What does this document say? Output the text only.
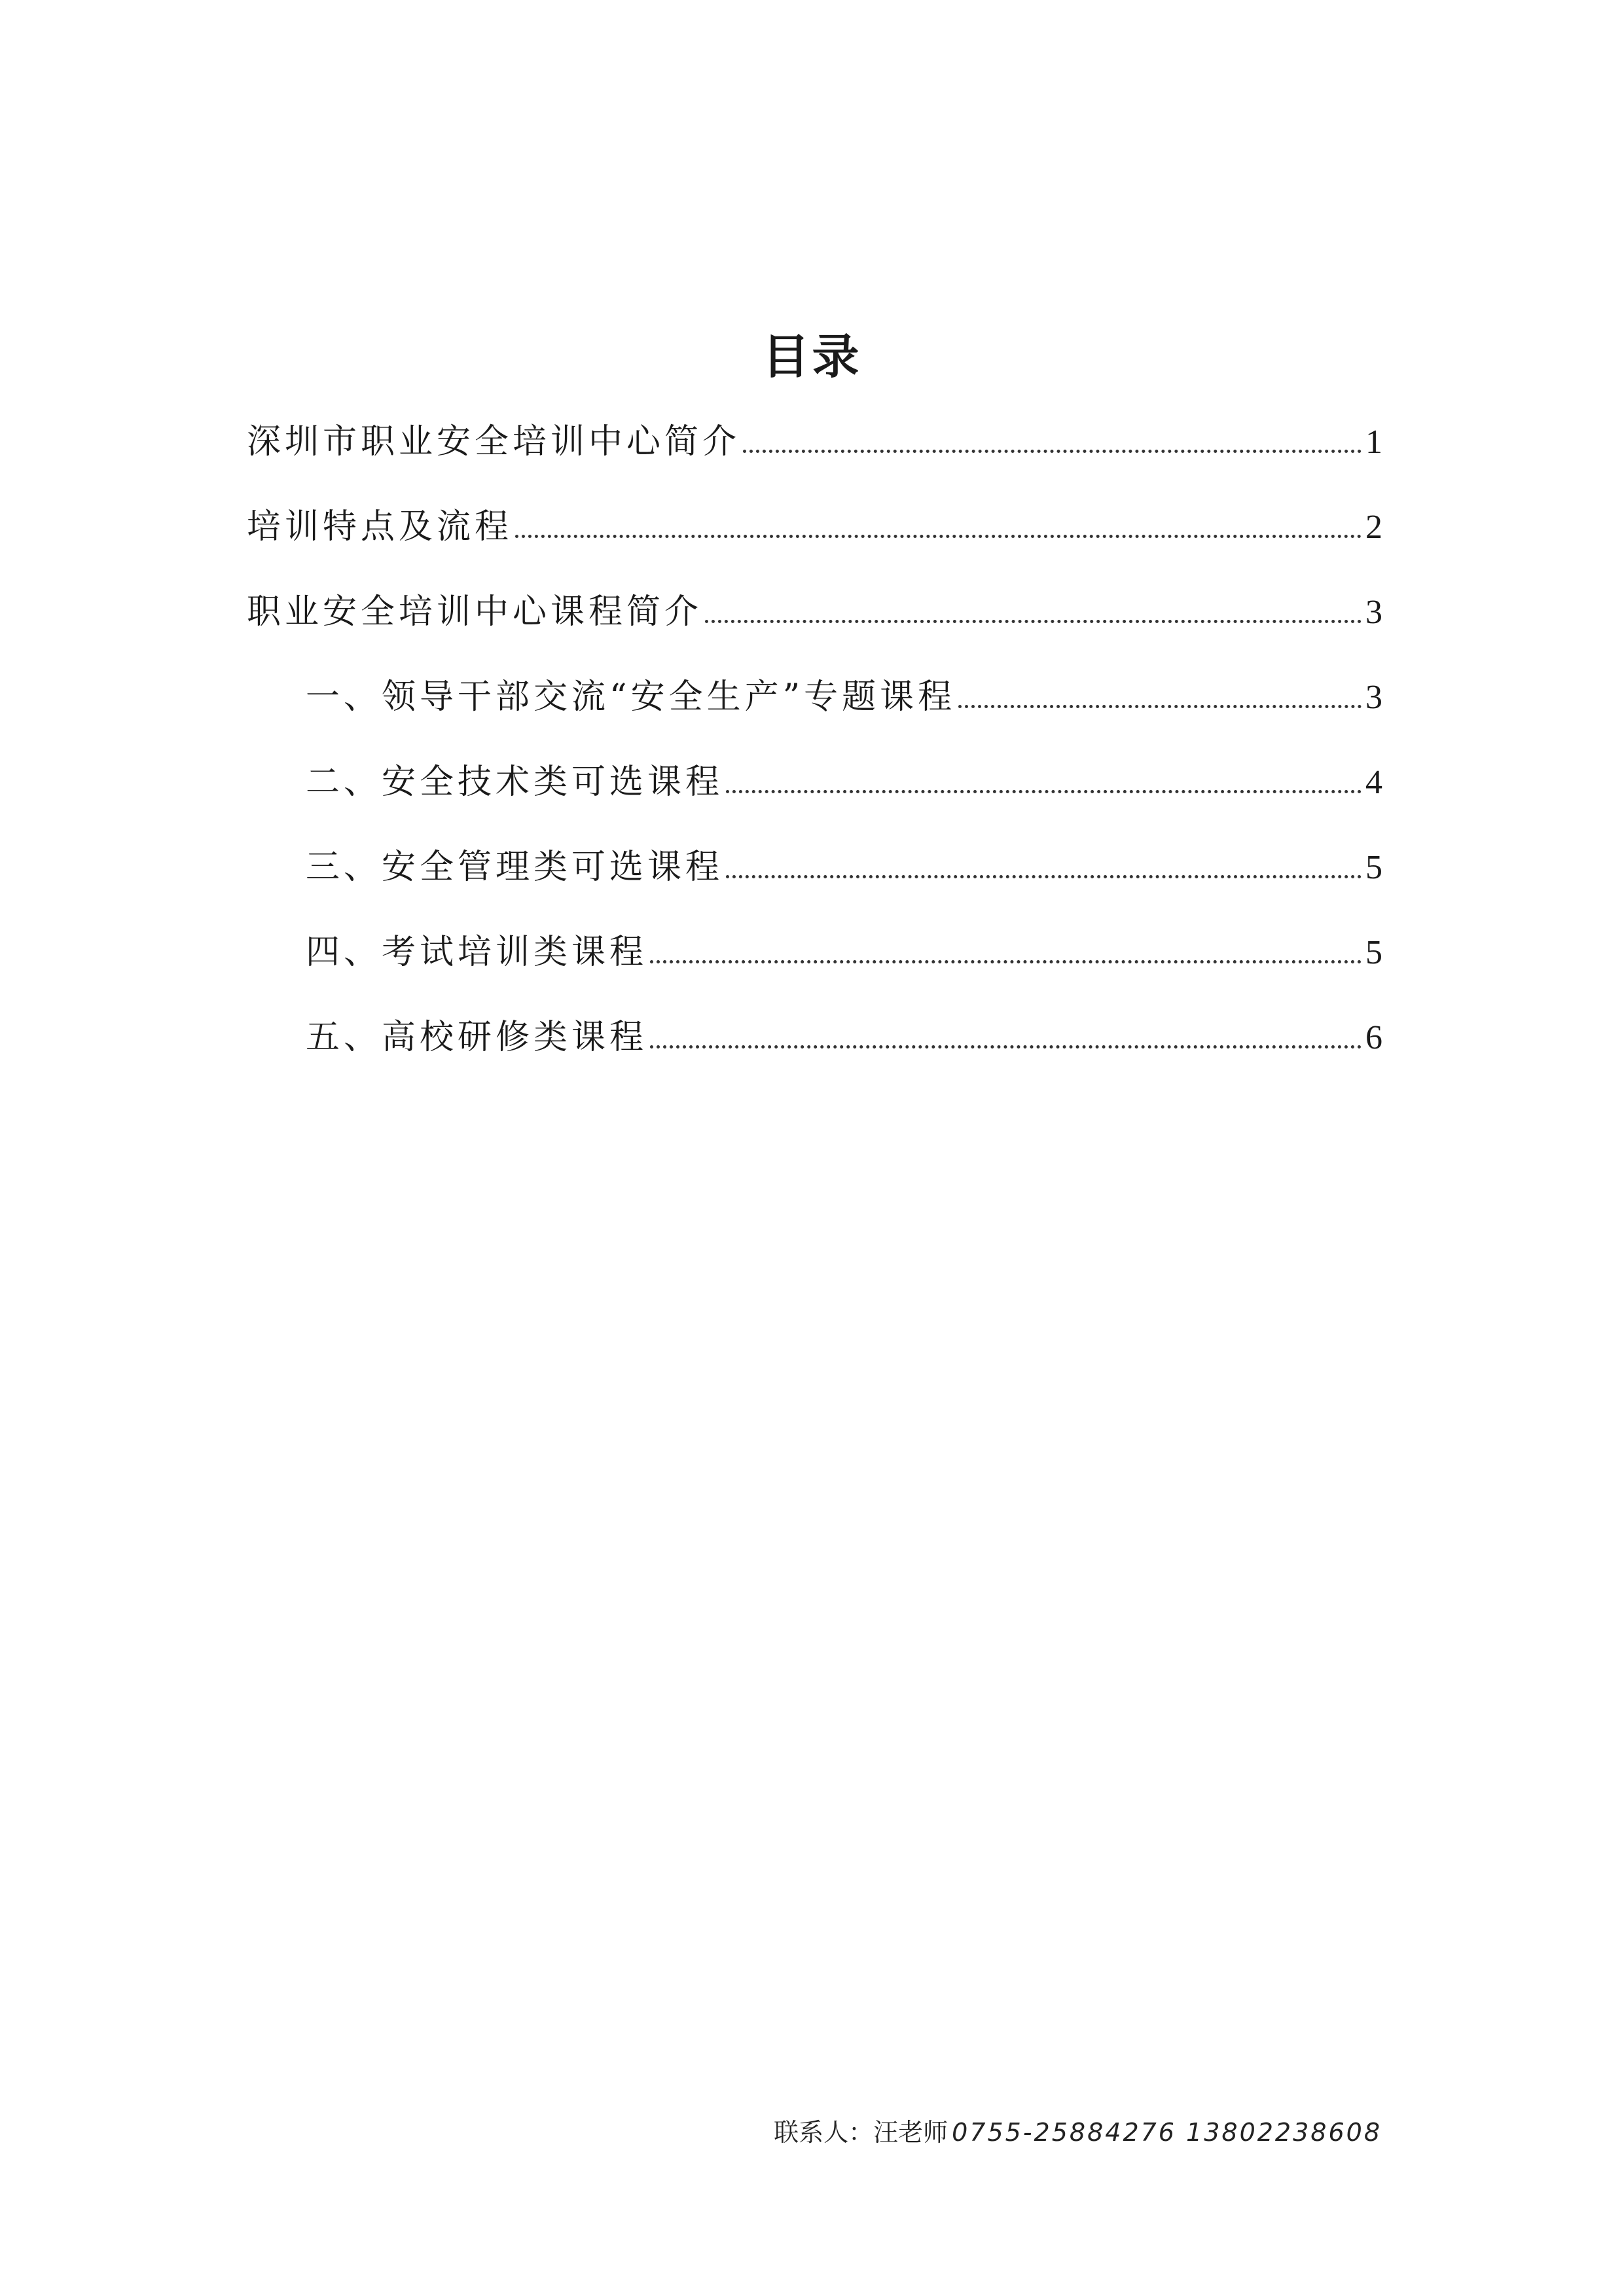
目录
深圳市职业安全培训中心简介	1
培训特点及流程	2
职业安全培训中心课程简介	3
一、领导干部交流“安全生产”专题课程	3
二、安全技术类可选课程	4
三、安全管理类可选课程	5
四、考试培训类课程	5
五、高校研修类课程	6
联系人：汪老师 0755-25884276 13802238608
